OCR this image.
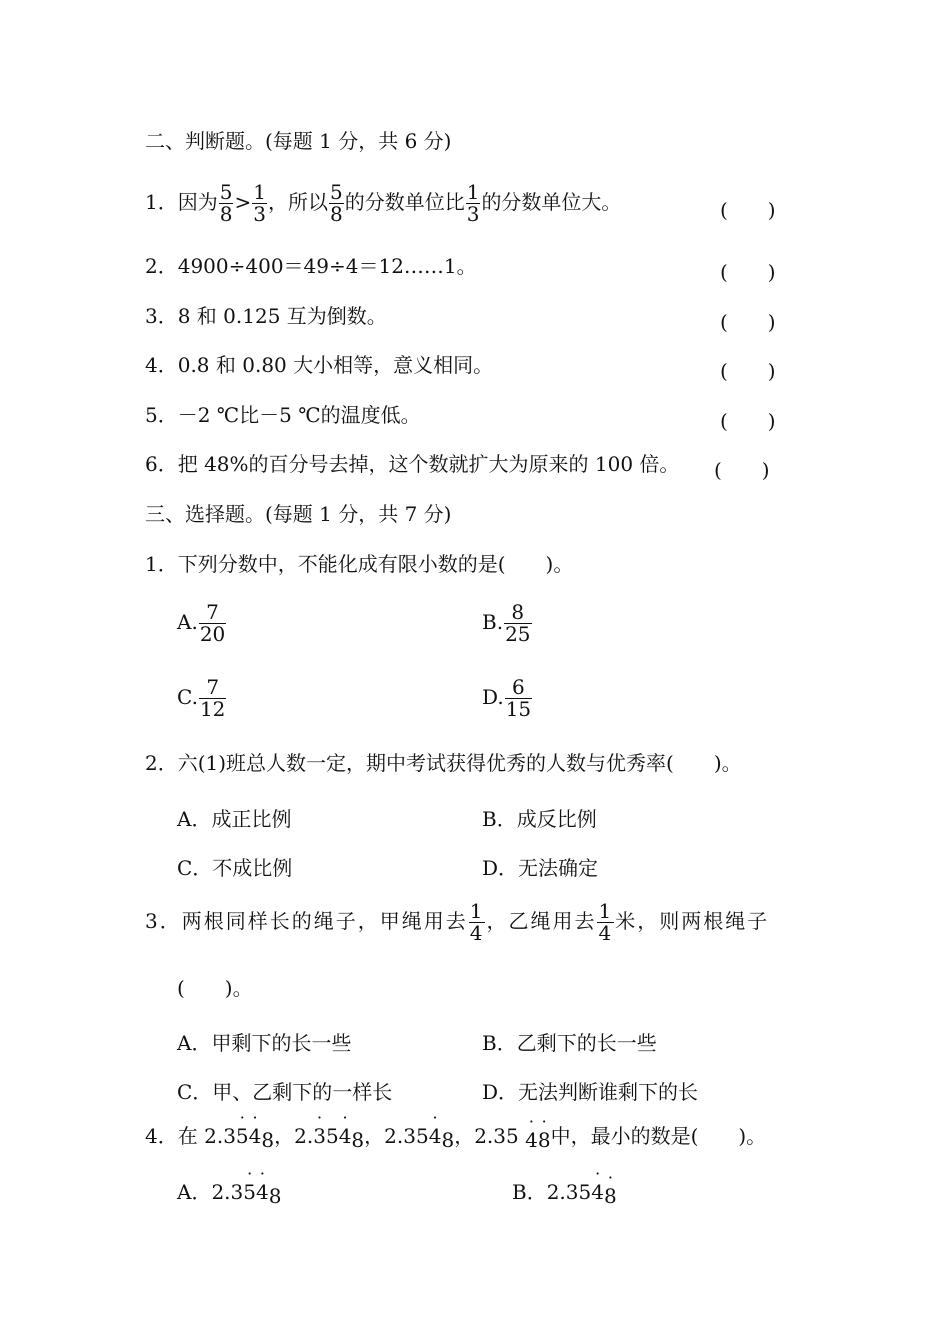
二、判断题。(每题 1 分，共 6 分)
1．因为 $\frac{5}{8} > \frac{1}{3}$ ，所以 $\frac{5}{8}$ 的分数单位比 $\frac{1}{3}$ 的分数单位大。	(　　)
2．4900÷400＝49÷4＝12……1。	(　　)
3．8 和 0.125 互为倒数。	(　　)
4．0.8 和 0.80 大小相等，意义相同。	(　　)
5．－2 ℃比－5 ℃的温度低。	(　　)
6．把 48%的百分号去掉，这个数就扩大为原来的 100 倍。 (　　)
三、选择题。(每题 1 分，共 7 分)
1．下列分数中，不能化成有限小数的是(　　)。
A. $\frac{7}{20}$	B. $\frac{8}{25}$
C. $\frac{7}{12}$	D. $\frac{6}{15}$
2．六(1)班总人数一定，期中考试获得优秀的人数与优秀率(　　)。
A．成正比例	B．成反比例
C．不成比例	D．无法确定
3．两根同样长的绳子，甲绳用去 $\frac{1}{4}$ ，乙绳用去 $\frac{1}{4}$ 米，则两根绳子
(　　)。
A．甲剩下的长一些	B．乙剩下的长一些
C．甲、乙剩下的一样长	D．无法判断谁剩下的长
4．在 2.3· 5· 48，2.· 35· 48，2.35· 48，2.35 · 4· 8中，最小的数是(　　)。
A．2.3· 5· 48	B．2.35· 4· 8
